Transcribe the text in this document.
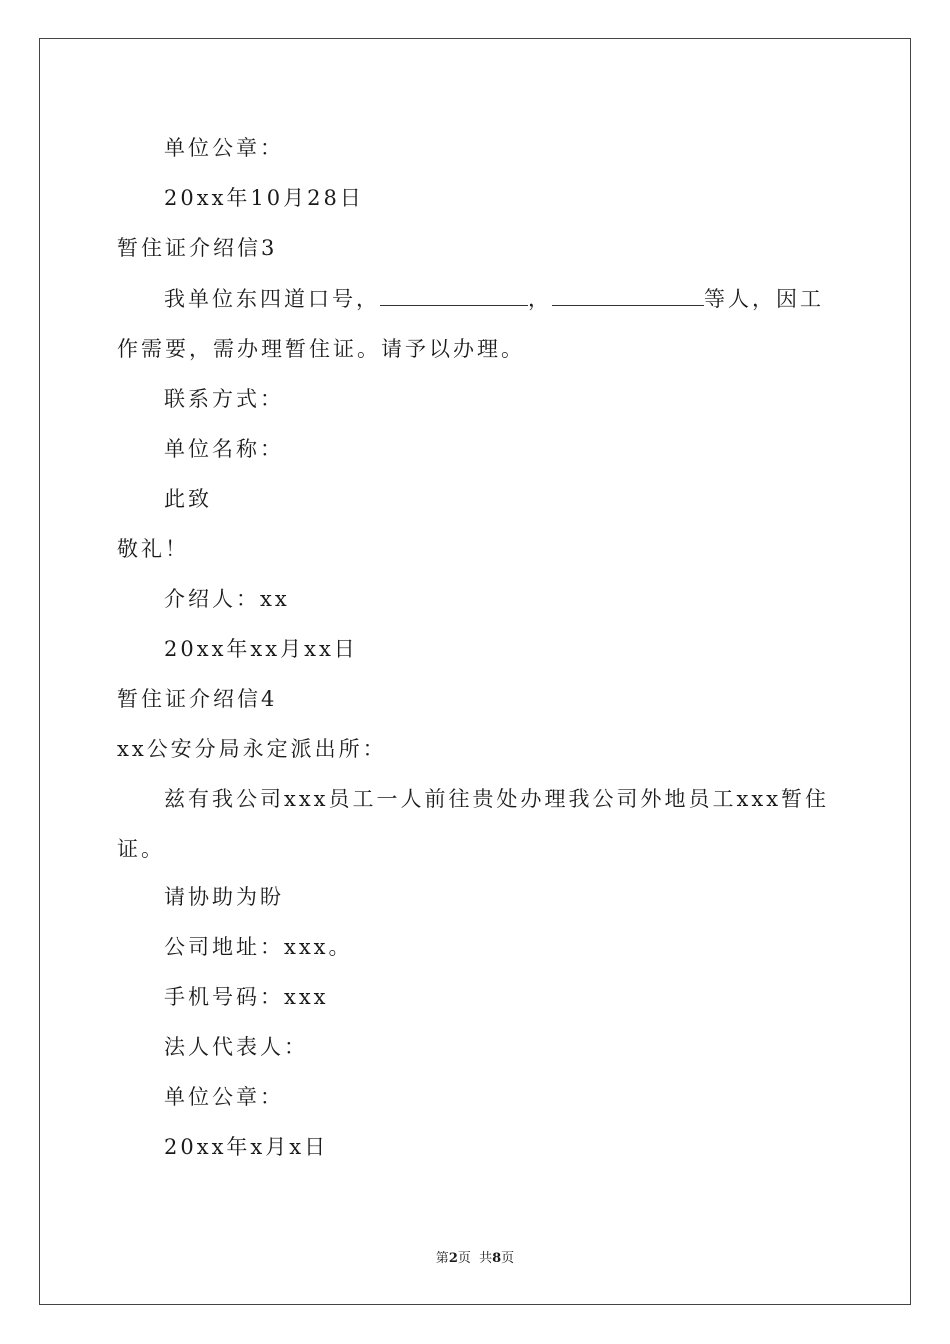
单位公章：
20xx年10月28日
暂住证介绍信3
我单位东四道口号，	，	等人，因工
作需要，需办理暂住证。请予以办理。
联系方式：
单位名称：
此致
敬礼！
介绍人：xx
20xx年xx月xx日
暂住证介绍信4
xx公安分局永定派出所：
兹有我公司xxx员工一人前往贵处办理我公司外地员工xxx暂住
证。
请协助为盼
公司地址：xxx。
手机号码：xxx
法人代表人：
单位公章：
20xx年x月x日
第2页  共8页
